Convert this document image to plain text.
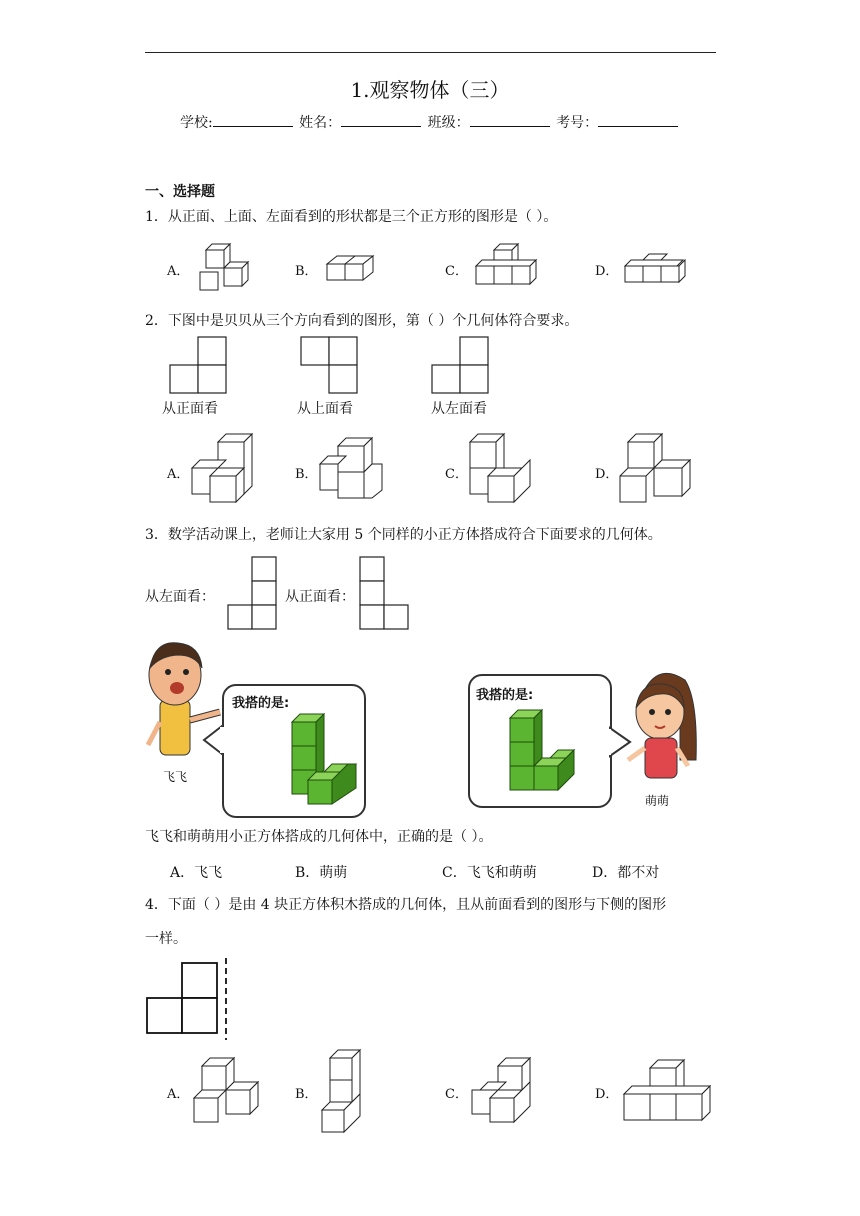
1.观察物体（三）
学校:	姓名：	班级：	考号：
一、选择题
1．从正面、上面、左面看到的形状都是三个正方形的图形是（ ）。
A．	B．	C．	D．
2．下图中是贝贝从三个方向看到的图形，第（ ）个几何体符合要求。
从正面看	从上面看	从左面看
A．	B．	C．	D．
3．数学活动课上，老师让大家用 5 个同样的小正方体搭成符合下面要求的几何体。
从左面看：	从正面看：
飞飞
我搭的是:
我搭的是:
萌萌
飞飞和萌萌用小正方体搭成的几何体中，正确的是（ ）。
A．飞飞	B．萌萌	C．飞飞和萌萌	D．都不对
4．下面（ ）是由 4 块正方体积木搭成的几何体，且从前面看到的图形与下侧的图形
一样。
A．	B．	C．	D．
